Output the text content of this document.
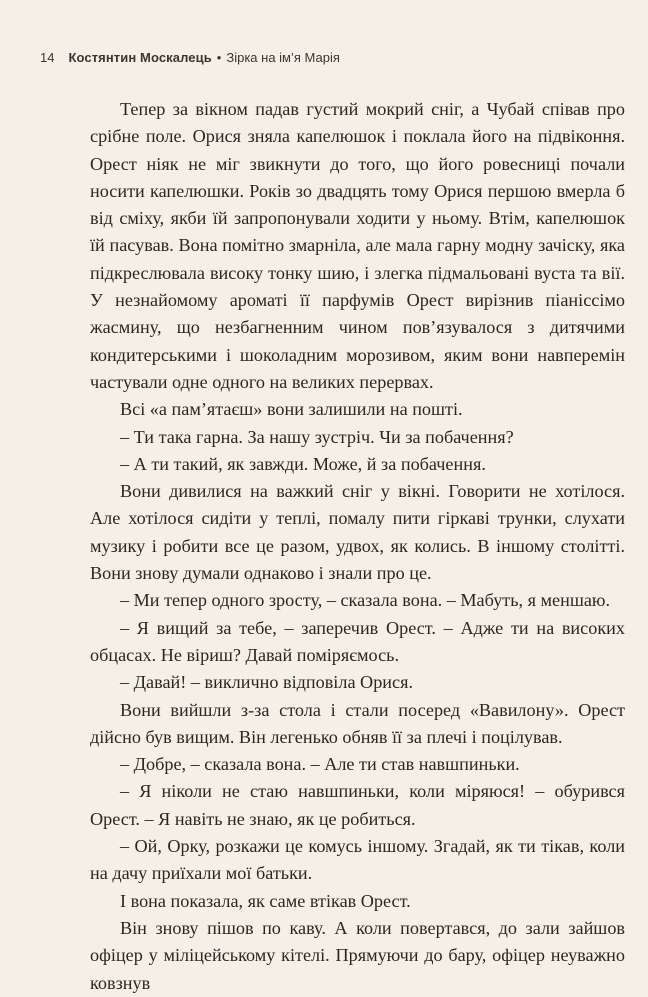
14 Костянтин Москалець • Зірка на ім’я Марія

Тепер за вікном падав густий мокрий сніг, а Чубай співав про срібне поле. Орися зняла капелюшок і поклала його на підвіконня. Орест ніяк не міг звикнути до того, що його ровесниці почали носити капелюшки. Років зо двадцять тому Орися першою вмерла б від сміху, якби їй запропонували ходити у ньому. Втім, капелюшок їй пасував. Вона помітно змарніла, але мала гарну модну зачіску, яка підкреслювала високу тонку шию, і злегка підмальовані вуста та вії. У незнайомому ароматі її парфумів Орест вирізнив піаніссімо жасмину, що незбагненним чином пов’язувалося з дитячими кондитерськими і шоколадним морозивом, яким вони навперемін частували одне одного на великих перервах.

Всі «а пам’ятаєш» вони залишили на пошті.

– Ти така гарна. За нашу зустріч. Чи за побачення?

– А ти такий, як завжди. Може, й за побачення.

Вони дивилися на важкий сніг у вікні. Говорити не хотілося. Але хотілося сидіти у теплі, помалу пити гіркаві трунки, слухати музику і робити все це разом, удвох, як колись. В іншому столітті. Вони знову думали однаково і знали про це.

– Ми тепер одного зросту, – сказала вона. – Мабуть, я меншаю.

– Я вищий за тебе, – заперечив Орест. – Адже ти на високих обцасах. Не віриш? Давай поміряємось.

– Давай! – виклично відповіла Орися.

Вони вийшли з-за стола і стали посеред «Вавилону». Орест дійсно був вищим. Він легенько обняв її за плечі і поцілував.

– Добре, – сказала вона. – Але ти став навшпиньки.

– Я ніколи не стаю навшпиньки, коли міряюся! – обурився Орест. – Я навіть не знаю, як це робиться.

– Ой, Орку, розкажи це комусь іншому. Згадай, як ти тікав, коли на дачу приїхали мої батьки.

І вона показала, як саме втікав Орест.

Він знову пішов по каву. А коли повертався, до зали зайшов офіцер у міліцейському кітелі. Прямуючи до бару, офіцер неуважно ковзнув
